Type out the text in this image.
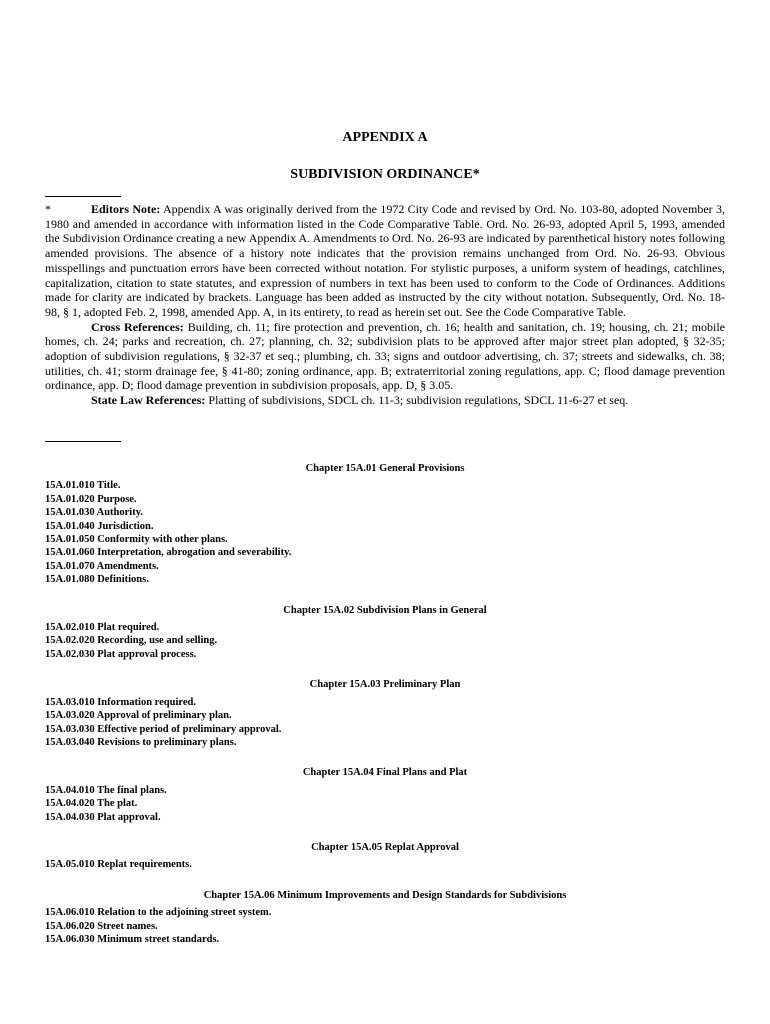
APPENDIX A
SUBDIVISION ORDINANCE*

*	Editors Note: Appendix A was originally derived from the 1972 City Code and revised by Ord. No. 103-80, adopted November 3, 1980 and amended in accordance with information listed in the Code Comparative Table. Ord. No. 26-93, adopted April 5, 1993, amended the Subdivision Ordinance creating a new Appendix A. Amendments to Ord. No. 26-93 are indicated by parenthetical history notes following amended provisions. The absence of a history note indicates that the provision remains unchanged from Ord. No. 26-93. Obvious misspellings and punctuation errors have been corrected without notation. For stylistic purposes, a uniform system of headings, catchlines, capitalization, citation to state statutes, and expression of numbers in text has been used to conform to the Code of Ordinances. Additions made for clarity are indicated by brackets. Language has been added as instructed by the city without notation. Subsequently, Ord. No. 18-98, § 1, adopted Feb. 2, 1998, amended App. A, in its entirety, to read as herein set out. See the Code Comparative Table.

Cross References: Building, ch. 11; fire protection and prevention, ch. 16; health and sanitation, ch. 19; housing, ch. 21; mobile homes, ch. 24; parks and recreation, ch. 27; planning, ch. 32; subdivision plats to be approved after major street plan adopted, § 32-35; adoption of subdivision regulations, § 32-37 et seq.; plumbing, ch. 33; signs and outdoor advertising, ch. 37; streets and sidewalks, ch. 38; utilities, ch. 41; storm drainage fee, § 41-80; zoning ordinance, app. B; extraterritorial zoning regulations, app. C; flood damage prevention ordinance, app. D; flood damage prevention in subdivision proposals, app. D, § 3.05.

State Law References: Platting of subdivisions, SDCL ch. 11-3; subdivision regulations, SDCL 11-6-27 et seq.

Chapter 15A.01 General Provisions
15A.01.010 Title.
15A.01.020 Purpose.
15A.01.030 Authority.
15A.01.040 Jurisdiction.
15A.01.050 Conformity with other plans.
15A.01.060 Interpretation, abrogation and severability.
15A.01.070 Amendments.
15A.01.080 Definitions.
Chapter 15A.02 Subdivision Plans in General
15A.02.010 Plat required.
15A.02.020 Recording, use and selling.
15A.02.030 Plat approval process.
Chapter 15A.03 Preliminary Plan
15A.03.010 Information required.
15A.03.020 Approval of preliminary plan.
15A.03.030 Effective period of preliminary approval.
15A.03.040 Revisions to preliminary plans.
Chapter 15A.04 Final Plans and Plat
15A.04.010 The final plans.
15A.04.020 The plat.
15A.04.030 Plat approval.
Chapter 15A.05 Replat Approval
15A.05.010 Replat requirements.
Chapter 15A.06 Minimum Improvements and Design Standards for Subdivisions
15A.06.010 Relation to the adjoining street system.
15A.06.020 Street names.
15A.06.030 Minimum street standards.
